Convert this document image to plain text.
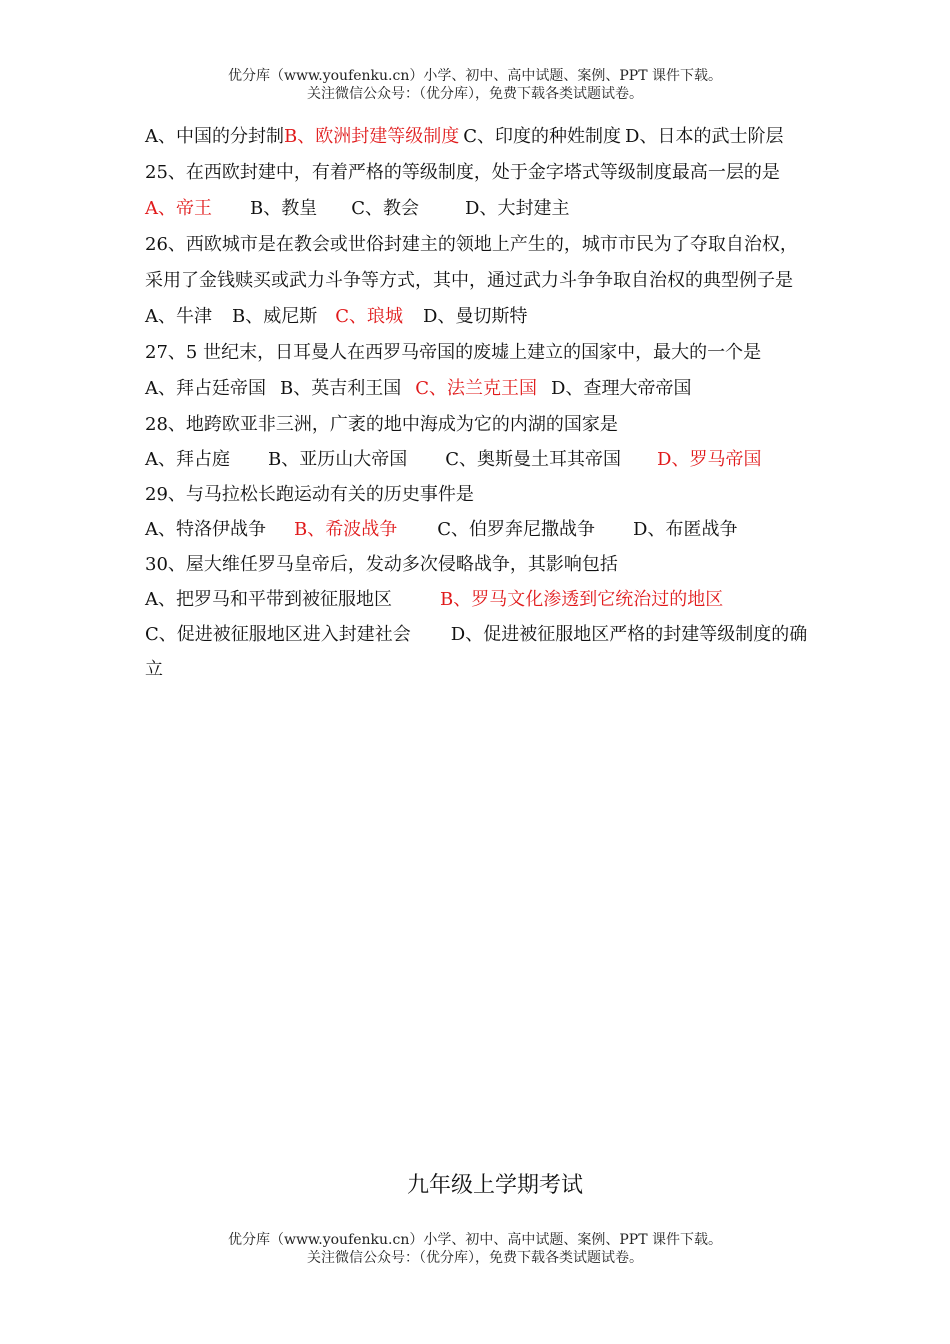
优分库（www.youfenku.cn）小学、初中、高中试题、案例、PPT 课件下载。
关注微信公众号：（优分库），免费下载各类试题试卷。
A、中国的分封制B、欧洲封建等级制度 C、印度的种姓制度 D、日本的武士阶层
25、在西欧封建中，有着严格的等级制度，处于金字塔式等级制度最高一层的是
A、帝王 B、教皇 C、教会	D、大封建主
26、西欧城市是在教会或世俗封建主的领地上产生的，城市市民为了夺取自治权，
采用了金钱赎买或武力斗争等方式，其中，通过武力斗争争取自治权的典型例子是
A、牛津 B、威尼斯 C、琅城 D、曼切斯特
27、5 世纪末，日耳曼人在西罗马帝国的废墟上建立的国家中，最大的一个是
A、拜占廷帝国 B、英吉利王国 C、法兰克王国 D、查理大帝帝国
28、地跨欧亚非三洲，广袤的地中海成为它的内湖的国家是
A、拜占庭 B、亚历山大帝国 C、奥斯曼土耳其帝国 D、罗马帝国
29、与马拉松长跑运动有关的历史事件是
A、特洛伊战争 B、希波战争 C、伯罗奔尼撒战争 D、布匿战争
30、屋大维任罗马皇帝后，发动多次侵略战争，其影响包括
A、把罗马和平带到被征服地区	B、罗马文化渗透到它统治过的地区
C、促进被征服地区进入封建社会 D、促进被征服地区严格的封建等级制度的确
立
九年级上学期考试
优分库（www.youfenku.cn）小学、初中、高中试题、案例、PPT 课件下载。
关注微信公众号：（优分库），免费下载各类试题试卷。
